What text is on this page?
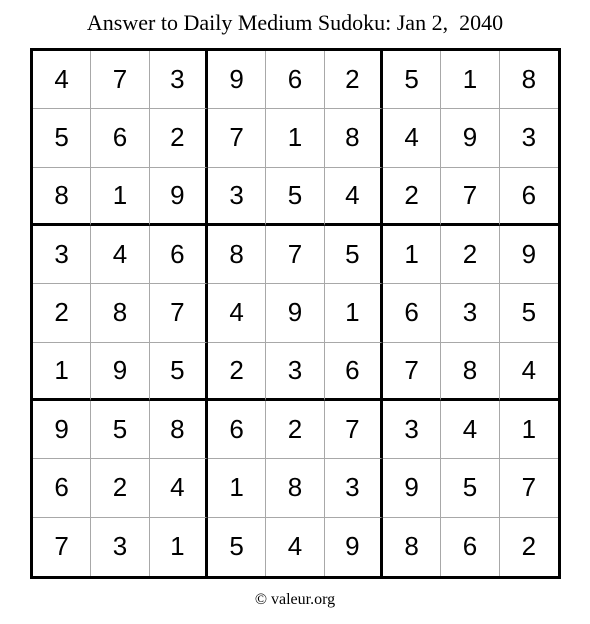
Answer to Daily Medium Sudoku: Jan 2,  2040
4	7	3	9	6	2	5	1	8
5	6	2	7	1	8	4	9	3
8	1	9	3	5	4	2	7	6
3	4	6	8	7	5	1	2	9
2	8	7	4	9	1	6	3	5
1	9	5	2	3	6	7	8	4
9	5	8	6	2	7	3	4	1
6	2	4	1	8	3	9	5	7
7	3	1	5	4	9	8	6	2
© valeur.org
